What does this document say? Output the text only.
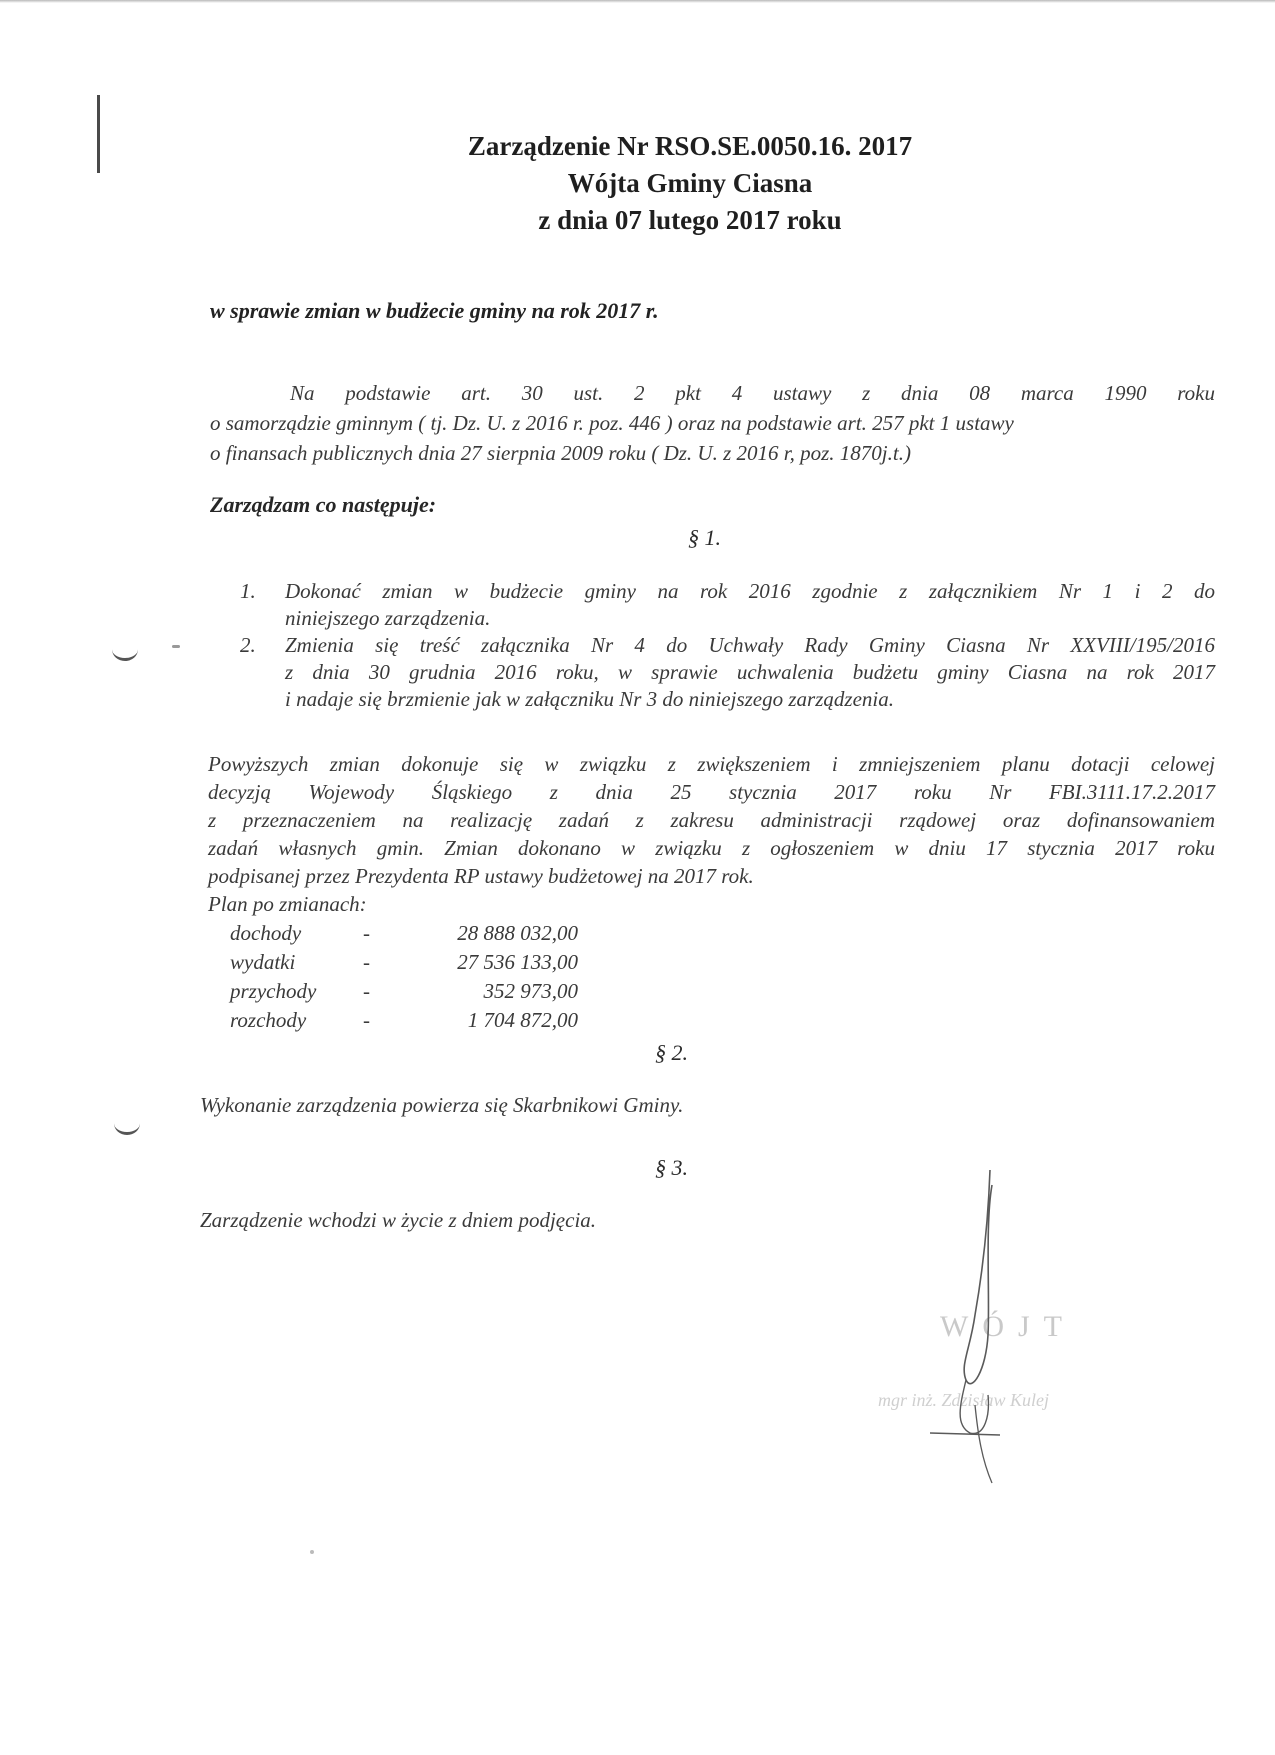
Zarządzenie Nr RSO.SE.0050.16. 2017
Wójta Gminy Ciasna
z dnia 07 lutego 2017 roku
w sprawie zmian w budżecie gminy na rok 2017 r.
Na podstawie art. 30 ust. 2 pkt 4 ustawy z dnia 08 marca 1990 roku
o samorządzie gminnym ( tj. Dz. U. z 2016 r. poz. 446 ) oraz na podstawie art. 257 pkt 1 ustawy
o finansach publicznych dnia 27 sierpnia 2009 roku ( Dz. U. z 2016 r, poz. 1870j.t.)
Zarządzam co następuje:
§ 1.
1. Dokonać zmian w budżecie gminy na rok 2016 zgodnie z załącznikiem Nr 1 i 2 do
niniejszego zarządzenia.
2. Zmienia się treść załącznika Nr 4 do Uchwały Rady Gminy Ciasna Nr XXVIII/195/2016
z dnia 30 grudnia 2016 roku, w sprawie uchwalenia budżetu gminy Ciasna na rok 2017
i nadaje się brzmienie jak w załączniku Nr 3 do niniejszego zarządzenia.
Powyższych zmian dokonuje się w związku z zwiększeniem i zmniejszeniem planu dotacji celowej
decyzją Wojewody Śląskiego z dnia 25 stycznia 2017 roku Nr FBI.3111.17.2.2017
z przeznaczeniem na realizację zadań z zakresu administracji rządowej oraz dofinansowaniem
zadań własnych gmin. Zmian dokonano w związku z ogłoszeniem w dniu 17 stycznia 2017 roku
podpisanej przez Prezydenta RP ustawy budżetowej na 2017 rok.
Plan po zmianach:
dochody	-	28 888 032,00
wydatki	-	27 536 133,00
przychody -	352 973,00
rozchody	-	1 704 872,00
§ 2.
Wykonanie zarządzenia powierza się Skarbnikowi Gminy.
§ 3.
Zarządzenie wchodzi w życie z dniem podjęcia.
WÓJT
mgr inż. Zdzisław Kulej
